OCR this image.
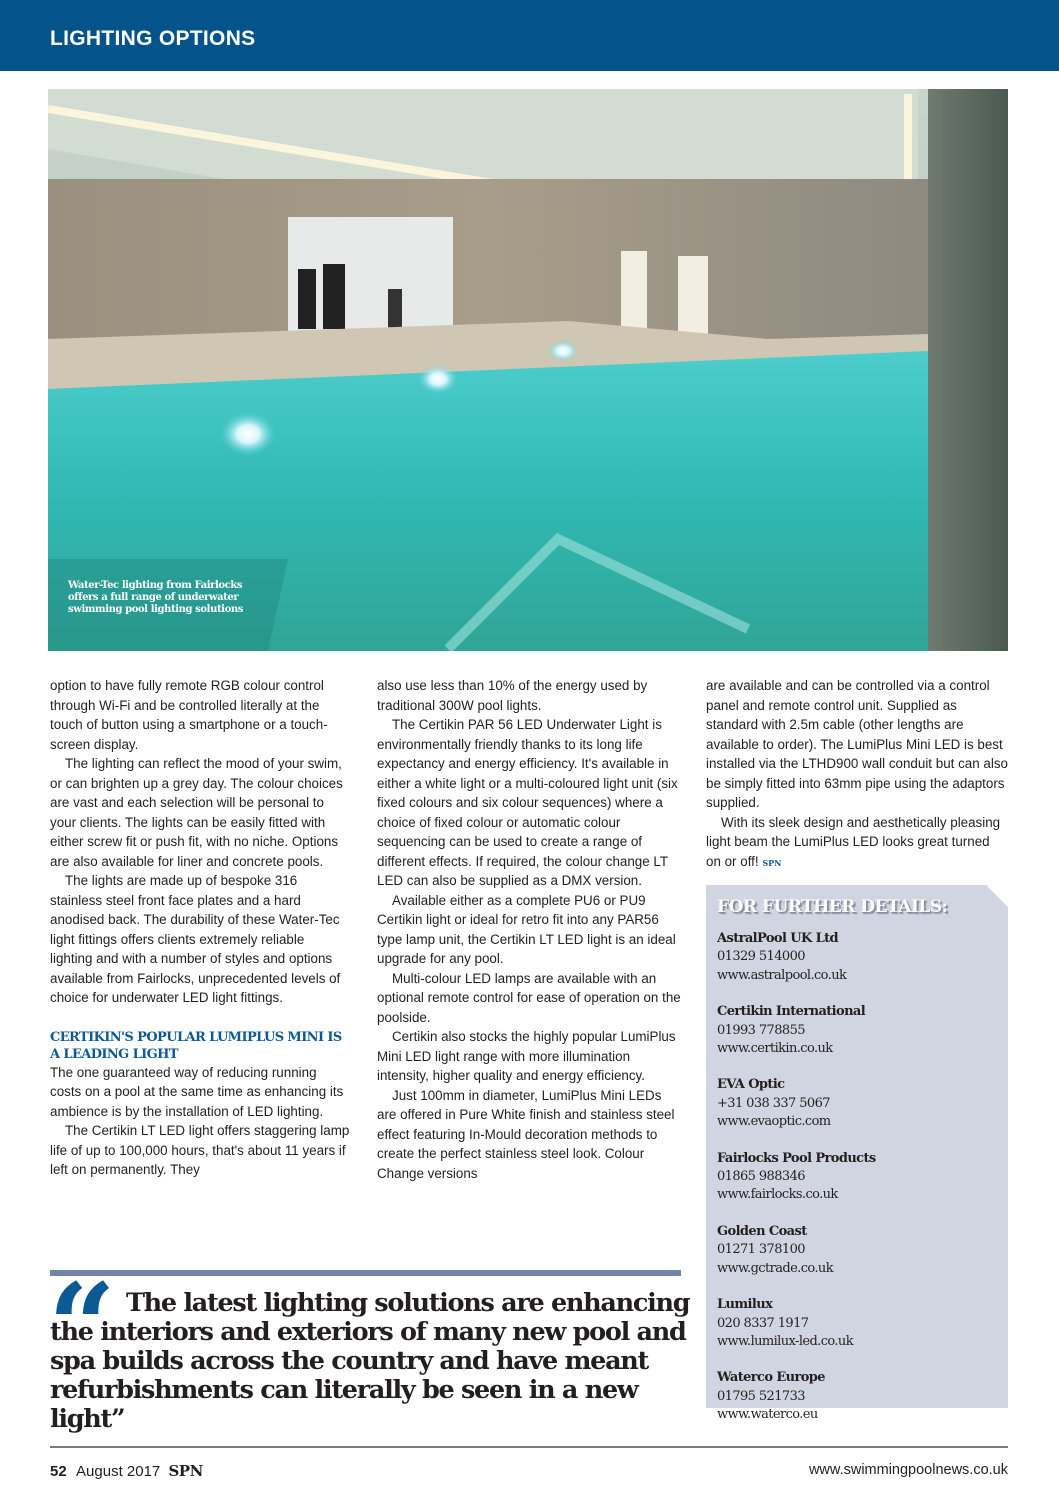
LIGHTING OPTIONS
Water-Tec lighting from Fairlocks offers a full range of underwater swimming pool lighting solutions

option to have fully remote RGB colour control through Wi-Fi and be controlled literally at the touch of button using a smartphone or a touch-screen display.

The lighting can reflect the mood of your swim, or can brighten up a grey day. The colour choices are vast and each selection will be personal to your clients. The lights can be easily fitted with either screw fit or push fit, with no niche. Options are also available for liner and concrete pools.

The lights are made up of bespoke 316 stainless steel front face plates and a hard anodised back. The durability of these Water-Tec light fittings offers clients extremely reliable lighting and with a number of styles and options available from Fairlocks, unprecedented levels of choice for underwater LED light fittings.

CERTIKIN'S POPULAR LUMIPLUS MINI IS A LEADING LIGHT

The one guaranteed way of reducing running costs on a pool at the same time as enhancing its ambience is by the installation of LED lighting.

The Certikin LT LED light offers staggering lamp life of up to 100,000 hours, that's about 11 years if left on permanently. They

also use less than 10% of the energy used by traditional 300W pool lights.

The Certikin PAR 56 LED Underwater Light is environmentally friendly thanks to its long life expectancy and energy efficiency. It's available in either a white light or a multi-coloured light unit (six fixed colours and six colour sequences) where a choice of fixed colour or automatic colour sequencing can be used to create a range of different effects. If required, the colour change LT LED can also be supplied as a DMX version.

Available either as a complete PU6 or PU9 Certikin light or ideal for retro fit into any PAR56 type lamp unit, the Certikin LT LED light is an ideal upgrade for any pool.

Multi-colour LED lamps are available with an optional remote control for ease of operation on the poolside.

Certikin also stocks the highly popular LumiPlus Mini LED light range with more illumination intensity, higher quality and energy efficiency.

Just 100mm in diameter, LumiPlus Mini LEDs are offered in Pure White finish and stainless steel effect featuring In-Mould decoration methods to create the perfect stainless steel look. Colour Change versions

are available and can be controlled via a control panel and remote control unit. Supplied as standard with 2.5m cable (other lengths are available to order). The LumiPlus Mini LED is best installed via the LTHD900 wall conduit but can also be simply fitted into 63mm pipe using the adaptors supplied.

With its sleek design and aesthetically pleasing light beam the LumiPlus LED looks great turned on or off! SPN

FOR FURTHER DETAILS:
AstralPool UK Ltd
01329 514000
www.astralpool.co.uk
Certikin International
01993 778855
www.certikin.co.uk
EVA Optic
+31 038 337 5067
www.evaoptic.com
Fairlocks Pool Products
01865 988346
www.fairlocks.co.uk
Golden Coast
01271 378100
www.gctrade.co.uk
Lumilux
020 8337 1917
www.lumilux-led.co.uk
Waterco Europe
01795 521733
www.waterco.eu
“ The latest lighting solutions are enhancing the interiors and exteriors of many new pool and spa builds across the country and have meant refurbishments can literally be seen in a new light”
52 August 2017 SPN	www.swimmingpoolnews.co.uk
